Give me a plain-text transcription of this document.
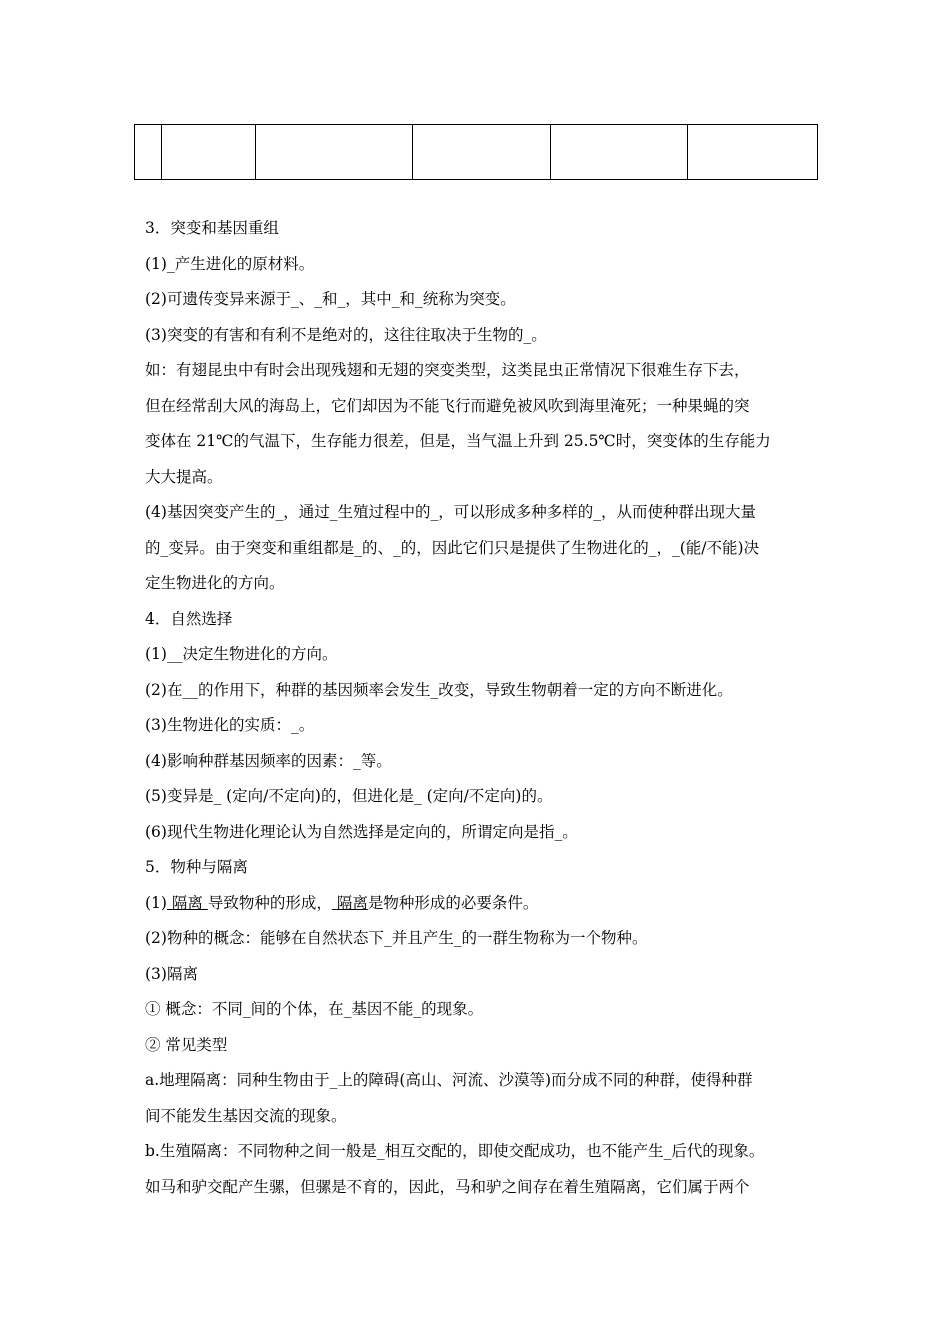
3．突变和基因重组
(1)_产生进化的原材料。
(2)可遗传变异来源于_、_和_，其中_和_统称为突变。
(3)突变的有害和有利不是绝对的，这往往取决于生物的_。
如：有翅昆虫中有时会出现残翅和无翅的突变类型，这类昆虫正常情况下很难生存下去，
但在经常刮大风的海岛上，它们却因为不能飞行而避免被风吹到海里淹死；一种果蝇的突
变体在 21℃的气温下，生存能力很差，但是，当气温上升到 25.5℃时，突变体的生存能力
大大提高。
(4)基因突变产生的_，通过_生殖过程中的_，可以形成多种多样的_，从而使种群出现大量
的_变异。由于突变和重组都是_的、_的，因此它们只是提供了生物进化的_，_(能/不能)决
定生物进化的方向。
4．自然选择
(1)__决定生物进化的方向。
(2)在__的作用下，种群的基因频率会发生_改变，导致生物朝着一定的方向不断进化。
(3)生物进化的实质：_。
(4)影响种群基因频率的因素：_等。
(5)变异是_ (定向/不定向)的，但进化是_ (定向/不定向)的。
(6)现代生物进化理论认为自然选择是定向的，所谓定向是指_。
5．物种与隔离
(1) 隔离 导致物种的形成， 隔离是物种形成的必要条件。
(2)物种的概念：能够在自然状态下_并且产生_的一群生物称为一个物种。
(3)隔离
① 概念：不同_间的个体，在_基因不能_的现象。
② 常见类型
a.地理隔离：同种生物由于_上的障碍(高山、河流、沙漠等)而分成不同的种群，使得种群
间不能发生基因交流的现象。
b.生殖隔离：不同物种之间一般是_相互交配的，即使交配成功，也不能产生_后代的现象。
如马和驴交配产生骡，但骡是不育的，因此，马和驴之间存在着生殖隔离，它们属于两个
